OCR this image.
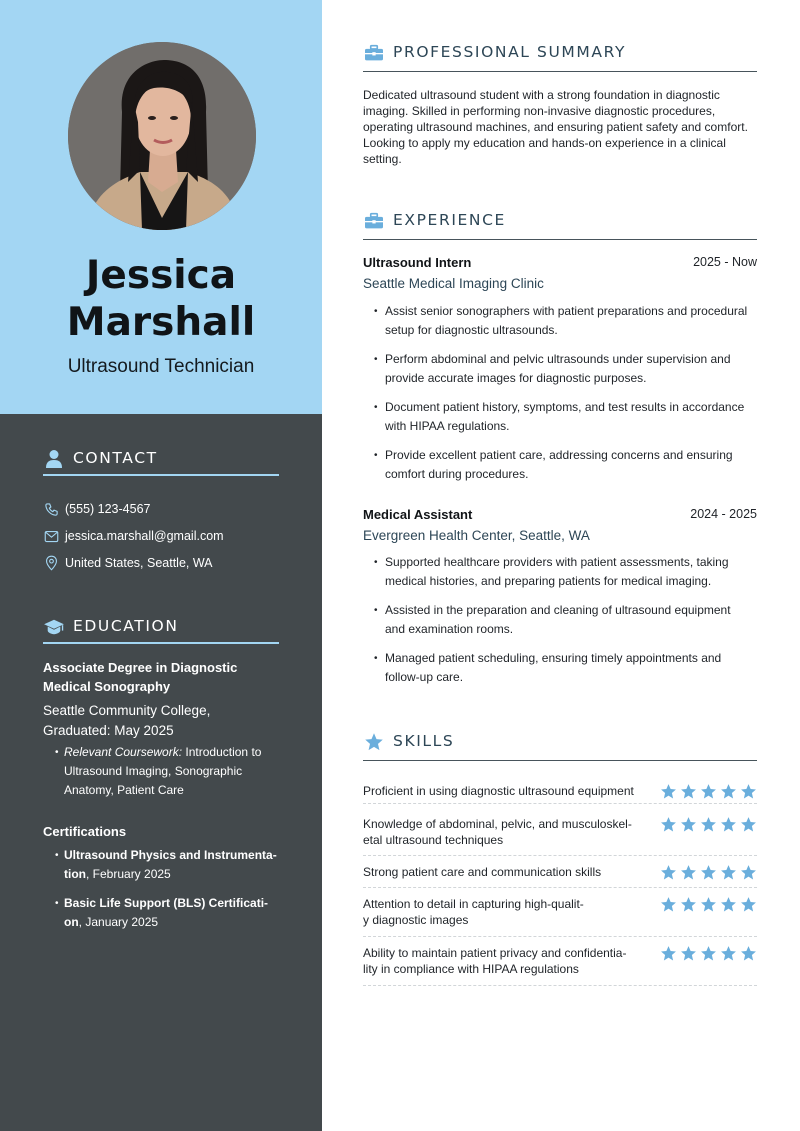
Jessica
Marshall
Ultrasound Technician
CONTACT
(555) 123-4567
jessica.marshall@gmail.com
United States, Seattle, WA
EDUCATION
Associate Degree in Diagnostic
Medical Sonography
Seattle Community College,
Graduated: May 2025
• Relevant Coursework: Introduction to
Ultrasound Imaging, Sonographic
Anatomy, Patient Care
Certifications
• Ultrasound Physics and Instrumenta-
tion, February 2025
• Basic Life Support (BLS) Certificati-
on, January 2025
PROFESSIONAL SUMMARY
Dedicated ultrasound student with a strong foundation in diagnostic imaging. Skilled in performing non-invasive diagnostic procedures, operating ultrasound machines, and ensuring patient safety and comfort. Looking to apply my education and hands-on experience in a clinical setting.
EXPERIENCE
Ultrasound Intern	2025 - Now
Seattle Medical Imaging Clinic
• Assist senior sonographers with patient preparations and procedural
setup for diagnostic ultrasounds.
• Perform abdominal and pelvic ultrasounds under supervision and
provide accurate images for diagnostic purposes.
• Document patient history, symptoms, and test results in accordance
with HIPAA regulations.
• Provide excellent patient care, addressing concerns and ensuring
comfort during procedures.
Medical Assistant	2024 - 2025
Evergreen Health Center, Seattle, WA
• Supported healthcare providers with patient assessments, taking
medical histories, and preparing patients for medical imaging.
• Assisted in the preparation and cleaning of ultrasound equipment
and examination rooms.
• Managed patient scheduling, ensuring timely appointments and
follow-up care.
SKILLS
Proficient in using diagnostic ultrasound equipment
Knowledge of abdominal, pelvic, and musculoskel-
etal ultrasound techniques
Strong patient care and communication skills
Attention to detail in capturing high-qualit-
y diagnostic images
Ability to maintain patient privacy and confidentia-
lity in compliance with HIPAA regulations
